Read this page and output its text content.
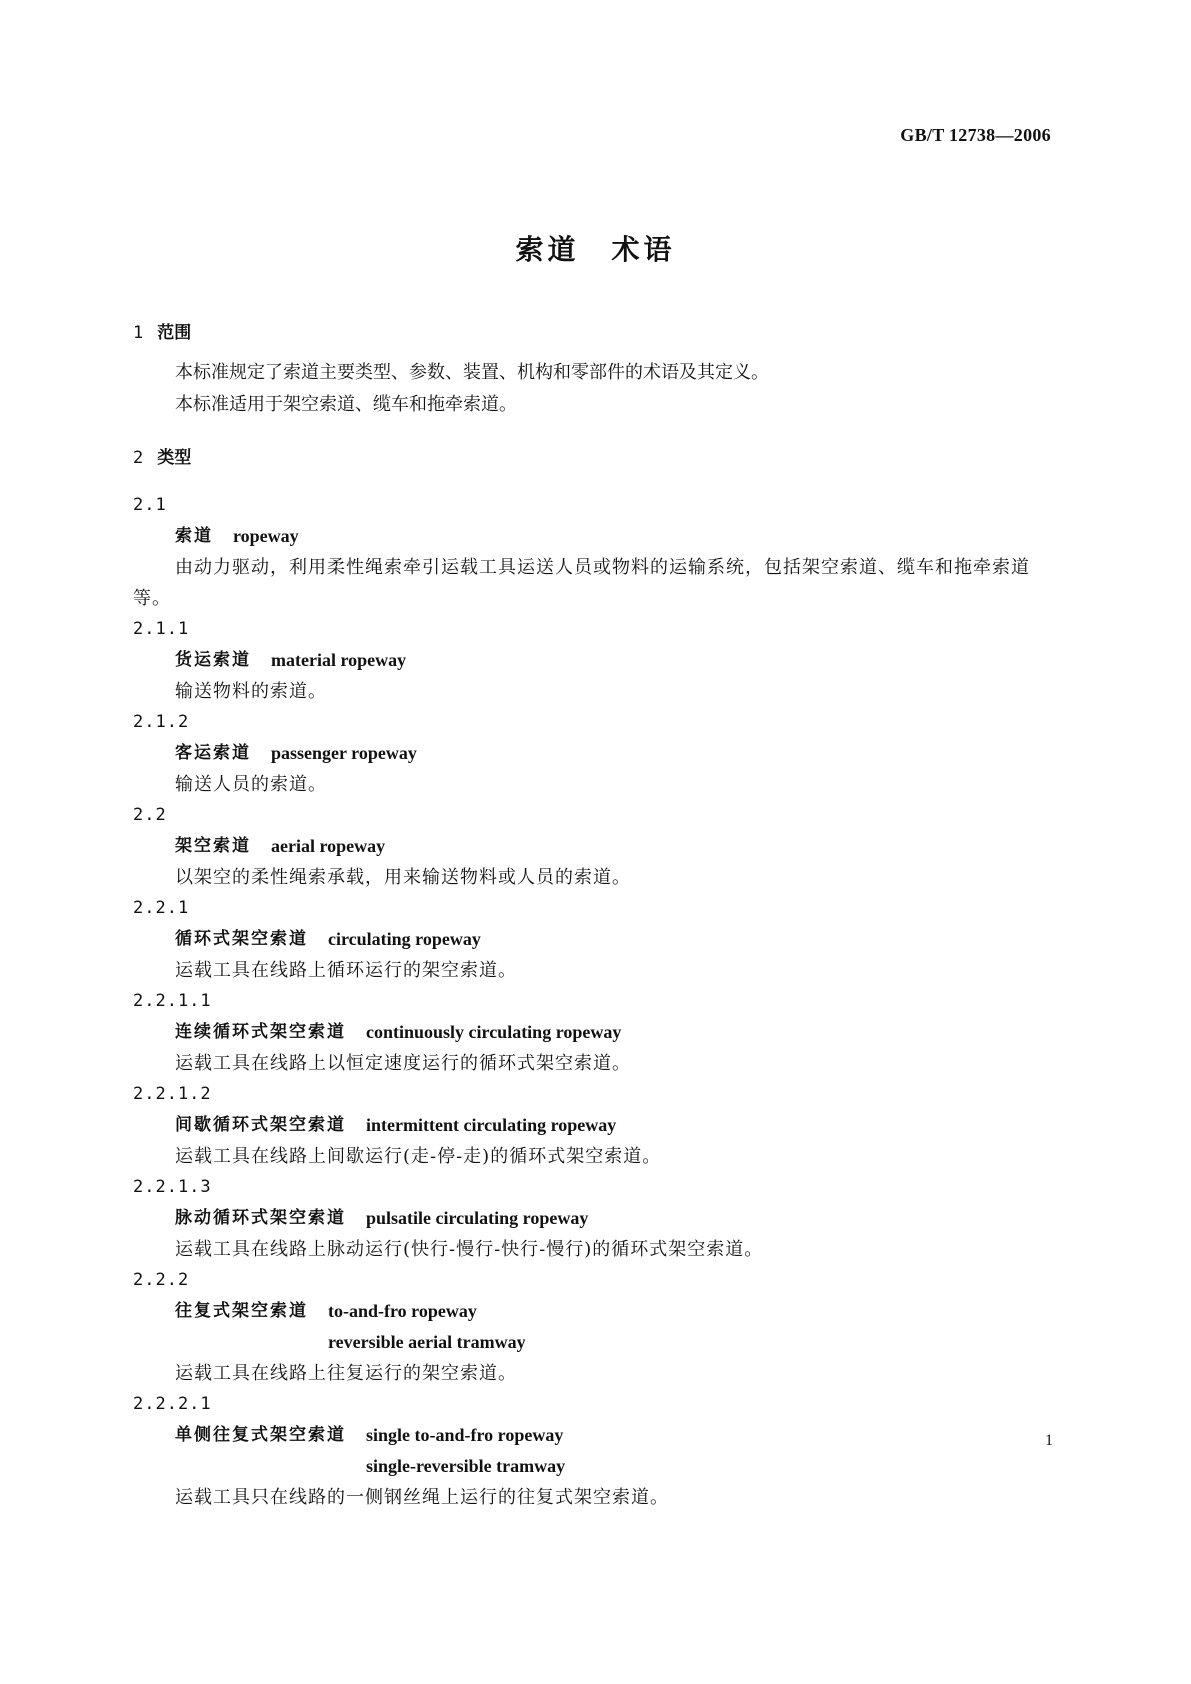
GB/T 12738—2006
索道　术语

1 范围

本标准规定了索道主要类型、参数、装置、机构和零部件的术语及其定义。

本标准适用于架空索道、缆车和拖牵索道。

2 类型

2.1

索道 ropeway

由动力驱动，利用柔性绳索牵引运载工具运送人员或物料的运输系统，包括架空索道、缆车和拖牵索道等。

2.1.1

货运索道 material ropeway

输送物料的索道。

2.1.2

客运索道 passenger ropeway

输送人员的索道。

2.2

架空索道 aerial ropeway

以架空的柔性绳索承载，用来输送物料或人员的索道。

2.2.1

循环式架空索道 circulating ropeway

运载工具在线路上循环运行的架空索道。

2.2.1.1

连续循环式架空索道 continuously circulating ropeway

运载工具在线路上以恒定速度运行的循环式架空索道。

2.2.1.2

间歇循环式架空索道 intermittent circulating ropeway

运载工具在线路上间歇运行(走-停-走)的循环式架空索道。

2.2.1.3

脉动循环式架空索道 pulsatile circulating ropeway

运载工具在线路上脉动运行(快行-慢行-快行-慢行)的循环式架空索道。

2.2.2

往复式架空索道 to-and-fro ropeway
reversible aerial tramway

运载工具在线路上往复运行的架空索道。

2.2.2.1

单侧往复式架空索道 single to-and-fro ropeway
single-reversible tramway

运载工具只在线路的一侧钢丝绳上运行的往复式架空索道。

1
